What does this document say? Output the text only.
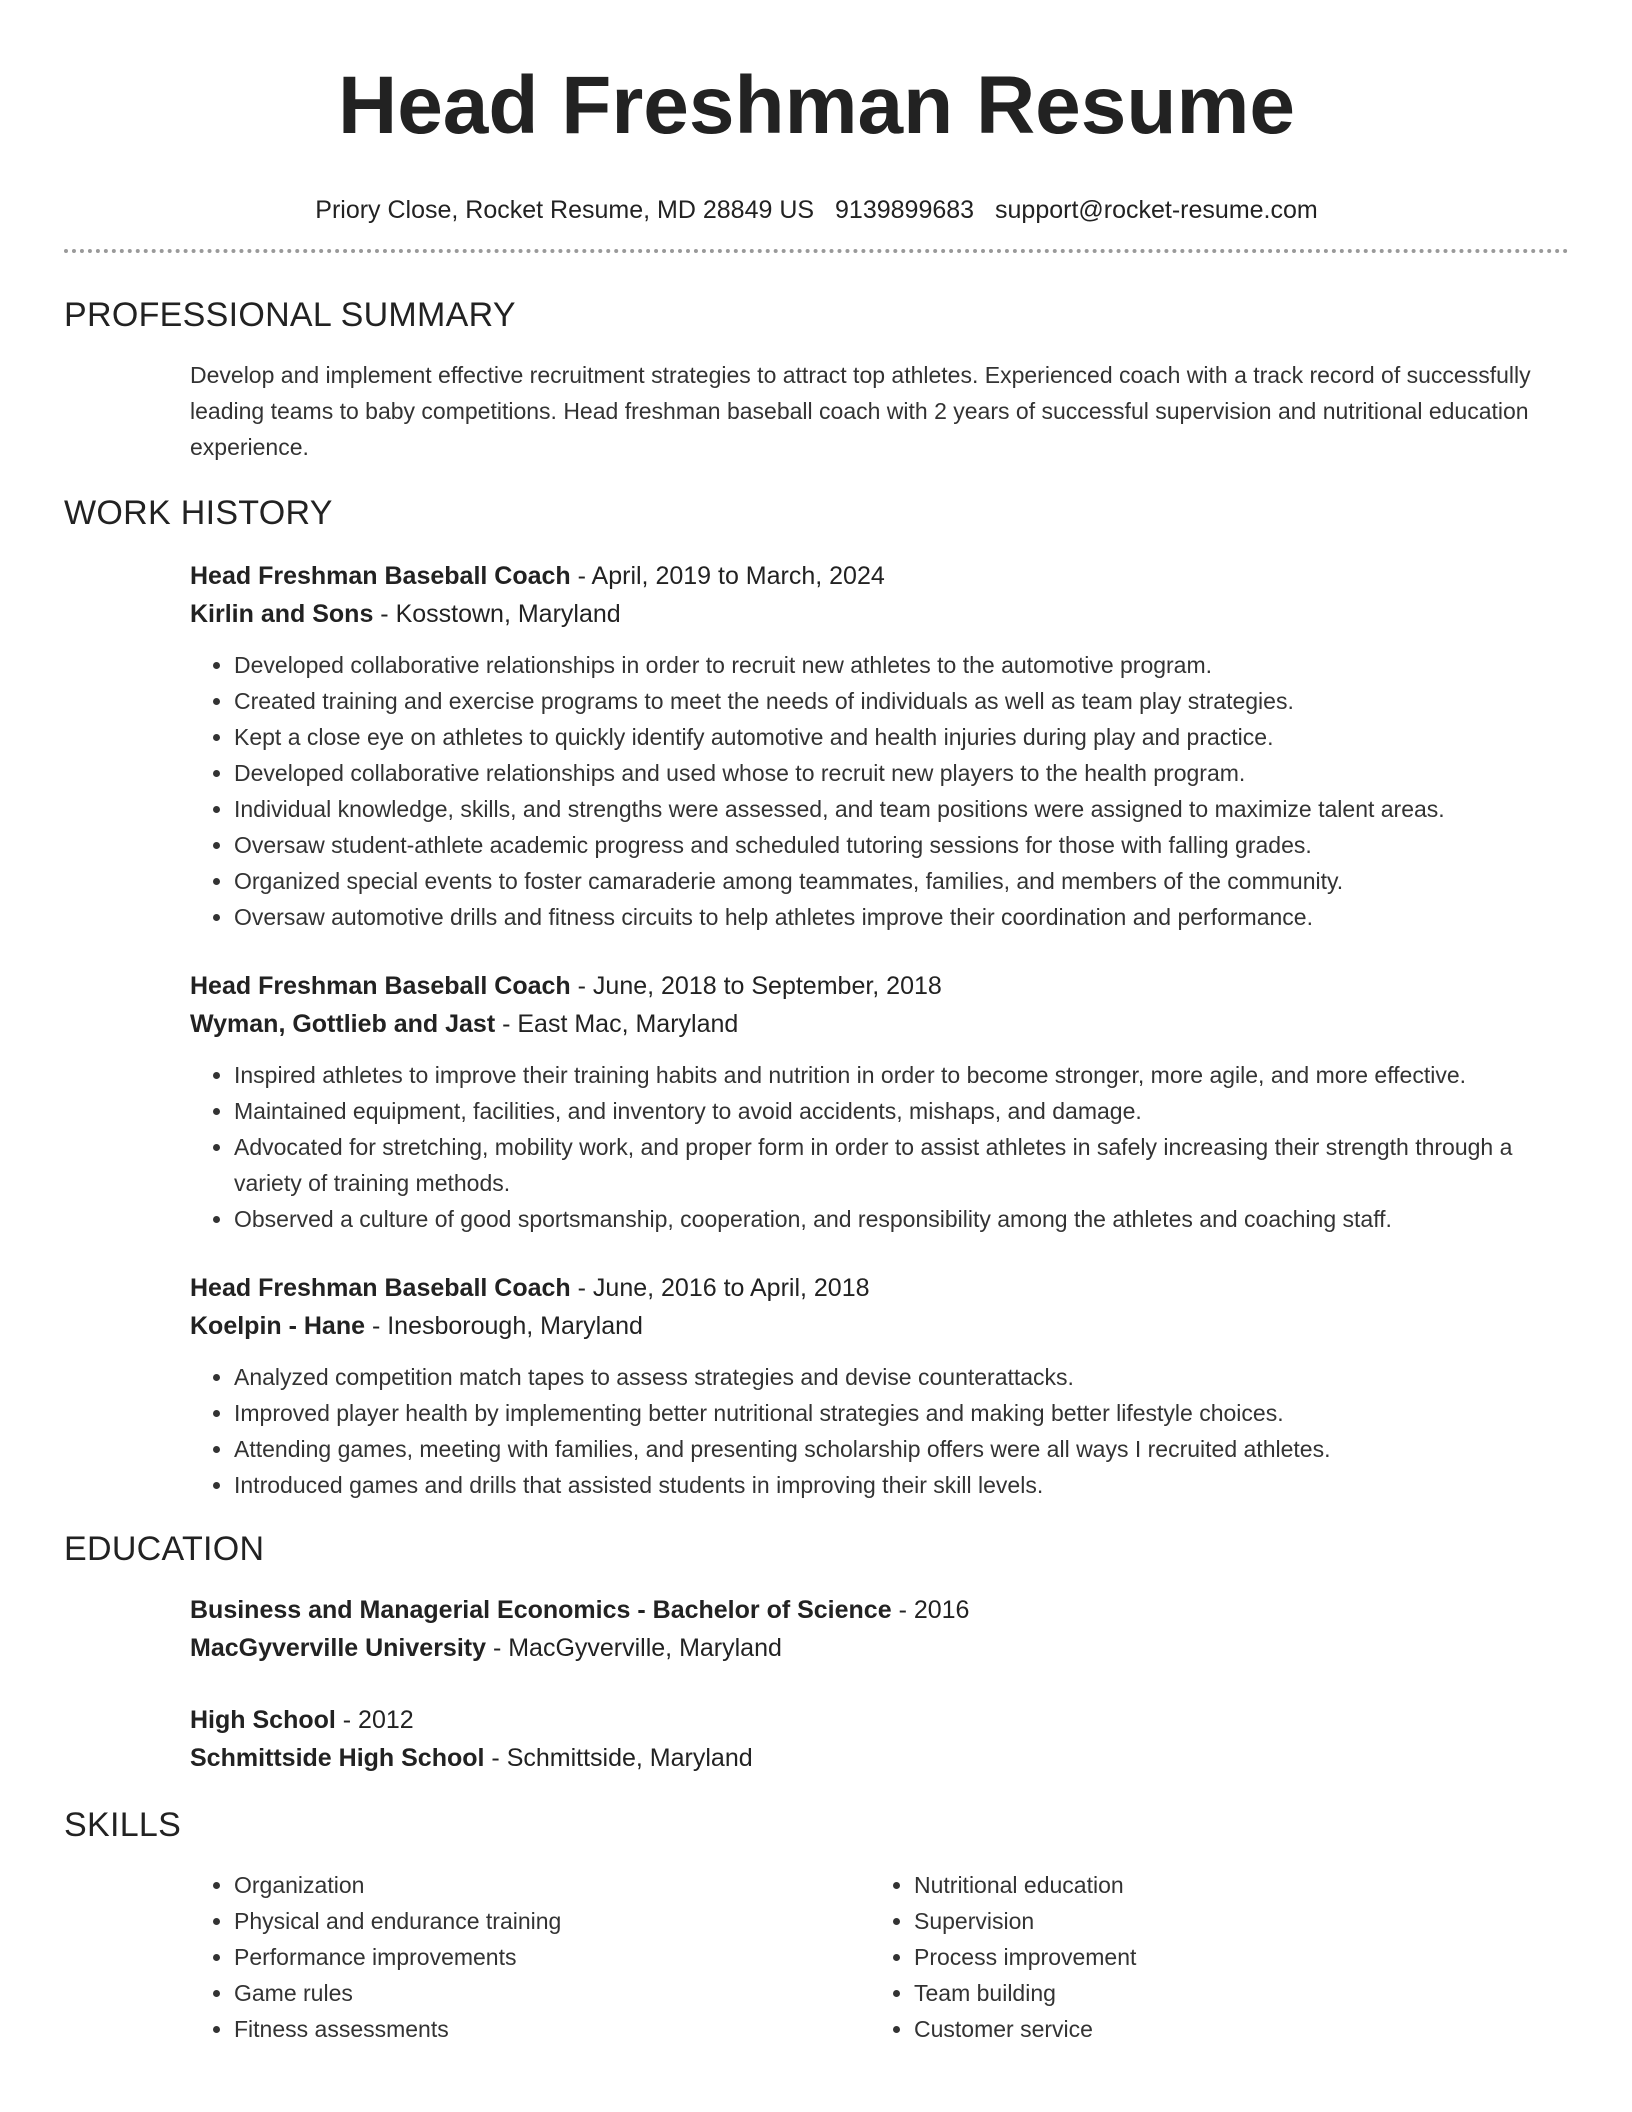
Head Freshman Resume
Priory Close, Rocket Resume, MD 28849 US 9139899683 support@rocket-resume.com
PROFESSIONAL SUMMARY

Develop and implement effective recruitment strategies to attract top athletes. Experienced coach with a track record of successfully leading teams to baby competitions. Head freshman baseball coach with 2 years of successful supervision and nutritional education experience.

WORK HISTORY
Head Freshman Baseball Coach - April, 2019 to March, 2024
Kirlin and Sons - Kosstown, Maryland
• Developed collaborative relationships in order to recruit new athletes to the automotive program.
• Created training and exercise programs to meet the needs of individuals as well as team play strategies.
• Kept a close eye on athletes to quickly identify automotive and health injuries during play and practice.
• Developed collaborative relationships and used whose to recruit new players to the health program.
• Individual knowledge, skills, and strengths were assessed, and team positions were assigned to maximize talent areas.
• Oversaw student-athlete academic progress and scheduled tutoring sessions for those with falling grades.
• Organized special events to foster camaraderie among teammates, families, and members of the community.
• Oversaw automotive drills and fitness circuits to help athletes improve their coordination and performance.
Head Freshman Baseball Coach - June, 2018 to September, 2018
Wyman, Gottlieb and Jast - East Mac, Maryland
• Inspired athletes to improve their training habits and nutrition in order to become stronger, more agile, and more effective.
• Maintained equipment, facilities, and inventory to avoid accidents, mishaps, and damage.
• Advocated for stretching, mobility work, and proper form in order to assist athletes in safely increasing their strength through a variety of training methods.
• Observed a culture of good sportsmanship, cooperation, and responsibility among the athletes and coaching staff.
Head Freshman Baseball Coach - June, 2016 to April, 2018
Koelpin - Hane - Inesborough, Maryland
• Analyzed competition match tapes to assess strategies and devise counterattacks.
• Improved player health by implementing better nutritional strategies and making better lifestyle choices.
• Attending games, meeting with families, and presenting scholarship offers were all ways I recruited athletes.
• Introduced games and drills that assisted students in improving their skill levels.
EDUCATION
Business and Managerial Economics - Bachelor of Science - 2016
MacGyverville University - MacGyverville, Maryland
High School - 2012
Schmittside High School - Schmittside, Maryland
SKILLS
• Organization
• Physical and endurance training
• Performance improvements
• Game rules
• Fitness assessments
• Nutritional education
• Supervision
• Process improvement
• Team building
• Customer service
